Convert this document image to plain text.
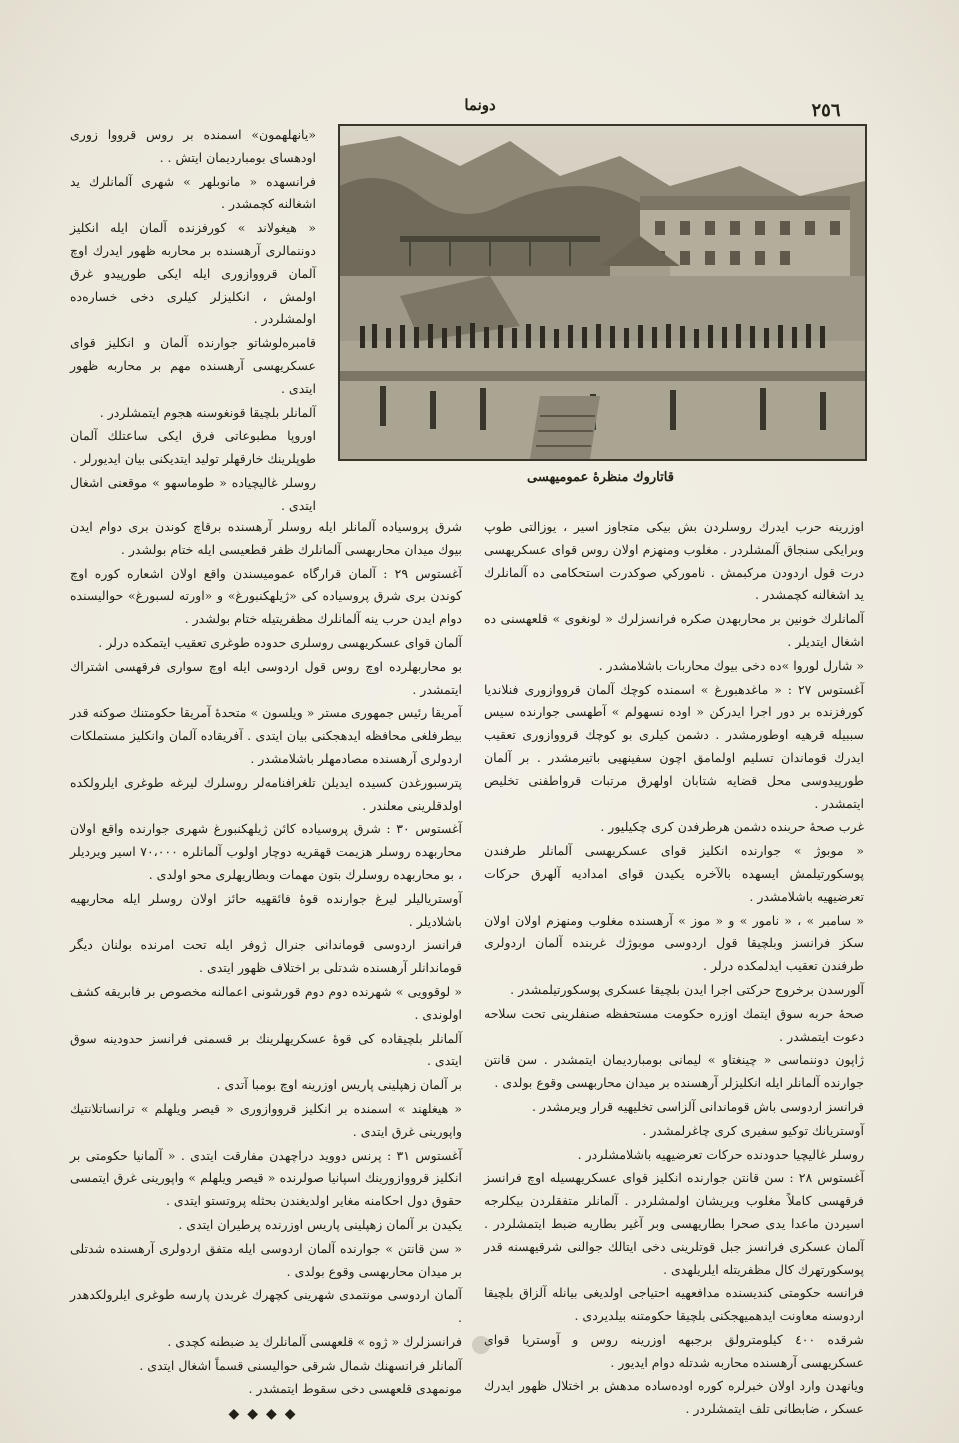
دونما	٢٥٦
قاتاروك منظرهٔ عموميهسى

«يانهلهمون» اسمنده بر روس قرووا زورى اودهساى بومبارديمان ايتش . .

فرانسهده « مانوبلهر » شهرى آلمانلرك يد اشغالنه كچمشدر .

« هيغولاند » كورفزنده آلمان ايله انكليز دوننمالرى آرهسنده بر محاربه ظهور ايدرك اوچ آلمان قرووازورى ايله ايكى طورپيدو غرق اولمش ، انكليزلر كيلرى دخى خساره‌ده اولمشلردر .

قامبرەلوشاتو جوارنده آلمان و انكليز قواى عسكريهسى آرهسنده مهم بر محاربه ظهور ايتدى .

آلمانلر بلچيقا قونغوسنه هجوم ايتمشلردر .

اوروپا مطبوعاتى فرق ايكى ساعتلك آلمان طوپلرينك خارقهلر توليد ايتديكنى بيان ايديورلر .

روسلر غاليچياده « طوماسهو » موقعنى اشغال ايتدى .

شرق پروسياده آلمانلر ايله روسلر آرهسنده برقاچ كوندن برى دوام ايدن بيوك ميدان محاربهسى آلمانلرك ظفر قطعيسى ايله ختام بولشدر .

آغستوس ٢٩ : آلمان قرارگاه عموميسندن واقع اولان اشعاره كوره اوچ كوندن برى شرق پروسياده كى «ژيلهكنبورغ» و «اورته لسبورغ» حوالیسنده دوام ايدن حرب ينه آلمانلرك مظفريتيله ختام بولشدر .

آلمان قواى عسكريهسى روسلرى حدوده طوغرى تعقيب ايتمكده درلر .

بو محاربهلرده اوچ روس قول اردوسى ايله اوچ سوارى فرقهسى اشتراك ايتمشدر .

آمريقا رئيس جمهورى مستر « ويلسون » متحدهٔ آمريقا حكومتنك صوكنه قدر بيطرفلغى محافظه ايدهجكنى بيان ايتدى . آفريقاده آلمان وانكليز مستملكات اردولرى آرهسنده مصادمهلر باشلامشدر .

پترسبورغدن كسيده ايدیلن تلغرافنامه‌لر روسلرك ليرغه طوغرى ايلرولكده اولدقلرينى معلندر .

آغستوس ٣٠ : شرق پروسياده كائن ژيلهكنبورغ شهرى جوارنده واقع اولان محاربهده روسلر هزيمت قهقريه دوچار اولوب آلمانلره ٧٠،٠٠٠ اسير ويرديلر ، بو محاربهده روسلرك بتون مهمات وبطاريهلرى محو اولدى .

آوستريالیلر ليرغ جوارنده قوهٔ فائقهيه حائز اولان روسلر ايله محاربهيه باشلاديلر .

فرانسز اردوسى قوماندانى جنرال ژوفر ايله تحت امرنده بولنان ديگر قوماندانلر آرهسنده شدتلى بر اختلاف ظهور ايتدى .

« لوقوويى » شهرنده دوم دوم قورشونى اعمالنه مخصوص بر فابريقه كشف اولوندى .

آلمانلر بلچيقاده كى قوهٔ عسكريهلرينك بر قسمنى فرانسز حدودينه سوق ايتدى .

بر آلمان زهپلینى پاريس اوزرينه اوچ بومبا آتدى .

« هيغلهند » اسمنده بر انكليز قرووازورى « قيصر ويلهلم » ترانساتلانتيك واپورينى غرق ايتدى .

آغستوس ٣١ : پرنس دوويد دراچهدن مفارقت ايتدى . « آلمانيا حكومتى بر انكليز قرووازورينك اسپانيا صولرنده « قيصر ويلهلم » واپورينى غرق ايتمسى حقوق دول احكامنه مغاير اولديغندن بحثله پروتستو ايتدى .

يكيدن بر آلمان زهپلینى پاريس اوزرنده پرطيران ايتدى .

« سن قانتن » جوارنده آلمان اردوسى ايله متفق اردولرى آرهسنده شدتلى بر ميدان محاربهسى وقوع بولدى .

آلمان اردوسى مونتمدى شهرينى كچهرك غربدن پارسه طوغرى ايلرولكدهدر .

فرانسزلرك « ژوه » قلعهسى آلمانلرك يد ضبطنه كچدى .

آلمانلر فرانسهنك شمال شرقى حواليسنى قسماً اشغال ايتدى .

مونمهدى قلعهسى دخى سقوط ايتمشدر .

◆◆◆◆

اوزرينه حرب ايدرك روسلردن بش بيكى متجاوز اسير ، يوزالتى طوپ وبرايكى سنجاق آلمشلردر . مغلوب ومنهزم اولان روس قواى عسكريهسى درت قول اردودن مركبمش . ناموركي صوكدرت استحكامى ده آلمانلرك يد اشغالنه كچمشدر .

آلمانلرك خونين بر محاربهدن صكره فرانسزلرك « لونغوى » قلعهسنى ده اشغال ايتديلر .

« شارل لوروا »ده دخى بيوك محاربات باشلامشدر .

آغستوس ٢٧ : « ماغدهبورغ » اسمنده كوچك آلمان قرووازورى فنلانديا كورفزنده بر دور اجرا ايدركن « اوده نسهولم » آطهسى جوارنده سيس سببيله قرهيه اوطورمشدر . دشمن كيلرى بو كوچك قرووازورى تعقيب ايدرك قوماندان تسليم اولمامق اچون سفينهيى باتيرمشدر . بر آلمان طورپيدوسى محل قضايه شتابان اولهرق مرتبات قرواطفنى تخليص ايتمشدر .

غرب صحهٔ حربنده دشمن هرطرفدن كرى چكيليور .

« موبوژ » جوارنده انكليز قواى عسكريهسى آلمانلر طرفندن پوسكورتيلمش ايسهده بالآخره يكيدن قواى امداديه آلهرق حركات تعرضيهيه باشلامشدر .

« سامبر » ، « نامور » و « موز » آرهسنده مغلوب ومنهزم اولان اولان سكز فرانسز وبلچيقا قول اردوسى موبوژك غربنده آلمان اردولرى طرفندن تعقيب ايدلمكده درلر .

آلورسدن برخروج حركتى اجرا ايدن بلچيقا عسكرى پوسكورتيلمشدر .

صحهٔ حربه سوق ايتمك اوزره حكومت مستحفظه صنفلرينى تحت سلاحه دعوت ايتمشدر .

ژاپون دوننماسى « چينغتاو » ليمانى بومبارديمان ايتمشدر . سن قانتن جوارنده آلمانلر ايله انكليزلر آرهسنده بر ميدان محاربهسى وقوع بولدى .

فرانسز اردوسى باش قوماندانى آلزاسى تخليهيه قرار ويرمشدر .

آوستريانك توكيو سفيرى كرى چاغرلمشدر .

روسلر غاليچيا حدودنده حركات تعرضيهيه باشلامشلردر .

آغستوس ٢٨ : سن قانتن جوارنده انكليز قواى عسكريهسيله اوچ فرانسز فرقهسى كاملاً مغلوب ويريشان اولمشلردر . آلمانلر متفقلردن بيكلرجه اسيردن ماعدا يدى صحرا بطاريهسى وبر آغير بطاريه ضبط ايتمشلردر . آلمان عسكرى فرانسز جبل قوتلرينى دخى ايتالك جوالنى شرقيهسنه قدر پوسكورتهرك كال مظفريتله ايلريلهدى .

فرانسه حكومتى كنديسنده مدافعهيه احتياجى اولديغى بيانله آلزاق بلچيقا اردوسنه معاونت ايدهميهجكنى بلچيقا حكومتنه بيلديردى .

شرقده ٤٠٠ كيلومترولق برجبهه اوزرينه روس و آوستريا قواى عسكريهسى آرهسنده محاربه شدتله دوام ايديور .

ويانهدن وارد اولان خبرلره كوره اوده‌ساده مدهش بر اختلال ظهور ايدرك عسكر ، ضابطانى تلف ايتمشلردر .
